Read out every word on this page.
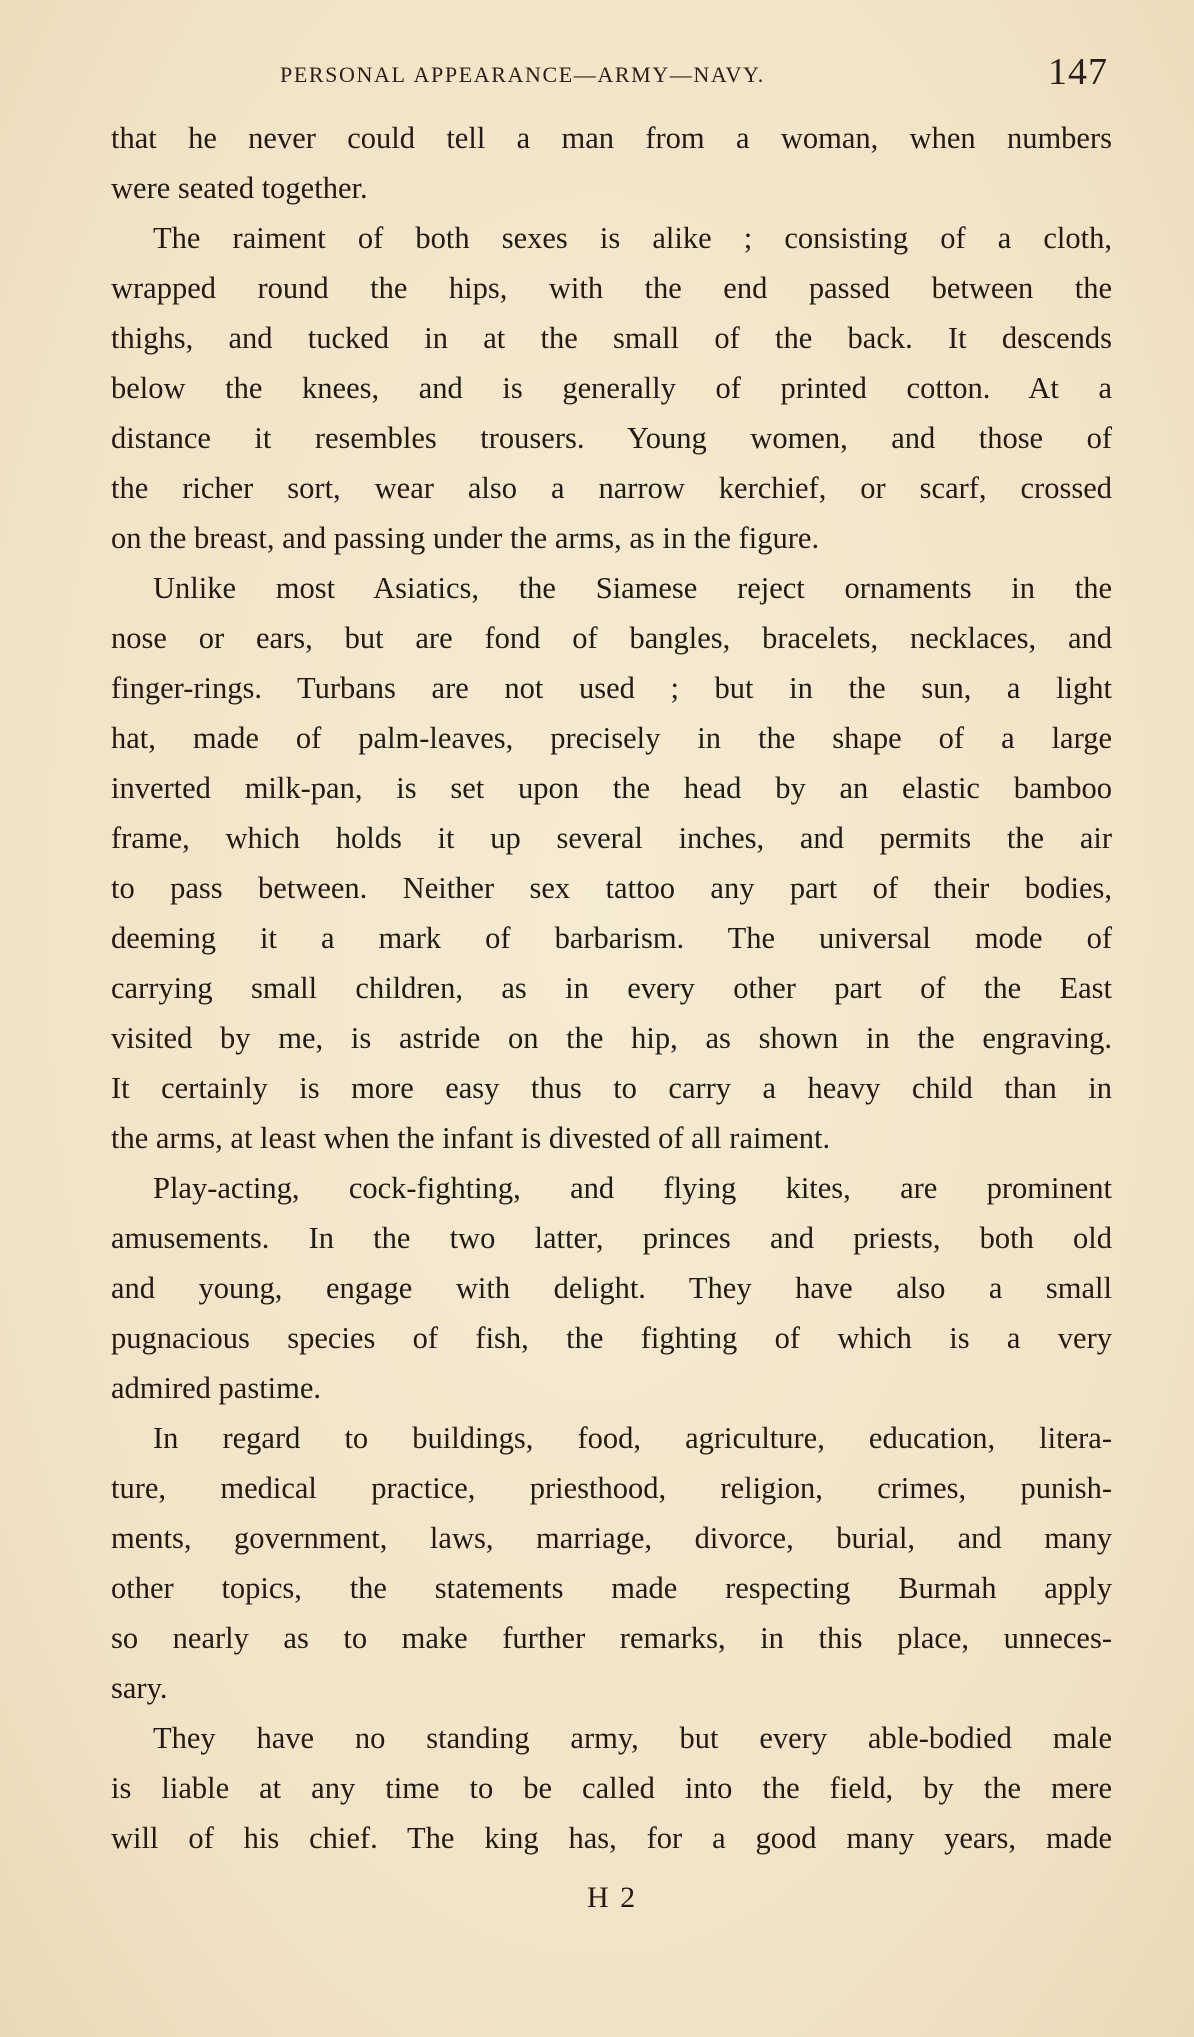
PERSONAL APPEARANCE—ARMY—NAVY.	147
that he never could tell a man from a woman, when numbers
were seated together.
The raiment of both sexes is alike ; consisting of a cloth,
wrapped round the hips, with the end passed between the
thighs, and tucked in at the small of the back. It descends
below the knees, and is generally of printed cotton. At a
distance it resembles trousers. Young women, and those of
the richer sort, wear also a narrow kerchief, or scarf, crossed
on the breast, and passing under the arms, as in the figure.
Unlike most Asiatics, the Siamese reject ornaments in the
nose or ears, but are fond of bangles, bracelets, necklaces, and
finger-rings. Turbans are not used ; but in the sun, a light
hat, made of palm-leaves, precisely in the shape of a large
inverted milk-pan, is set upon the head by an elastic bamboo
frame, which holds it up several inches, and permits the air
to pass between. Neither sex tattoo any part of their bodies,
deeming it a mark of barbarism. The universal mode of
carrying small children, as in every other part of the East
visited by me, is astride on the hip, as shown in the engraving.
It certainly is more easy thus to carry a heavy child than in
the arms, at least when the infant is divested of all raiment.
Play-acting, cock-fighting, and flying kites, are prominent
amusements. In the two latter, princes and priests, both old
and young, engage with delight. They have also a small
pugnacious species of fish, the fighting of which is a very
admired pastime.
In regard to buildings, food, agriculture, education, litera-
ture, medical practice, priesthood, religion, crimes, punish-
ments, government, laws, marriage, divorce, burial, and many
other topics, the statements made respecting Burmah apply
so nearly as to make further remarks, in this place, unneces-
sary.
They have no standing army, but every able-bodied male
is liable at any time to be called into the field, by the mere
will of his chief. The king has, for a good many years, made
H 2
